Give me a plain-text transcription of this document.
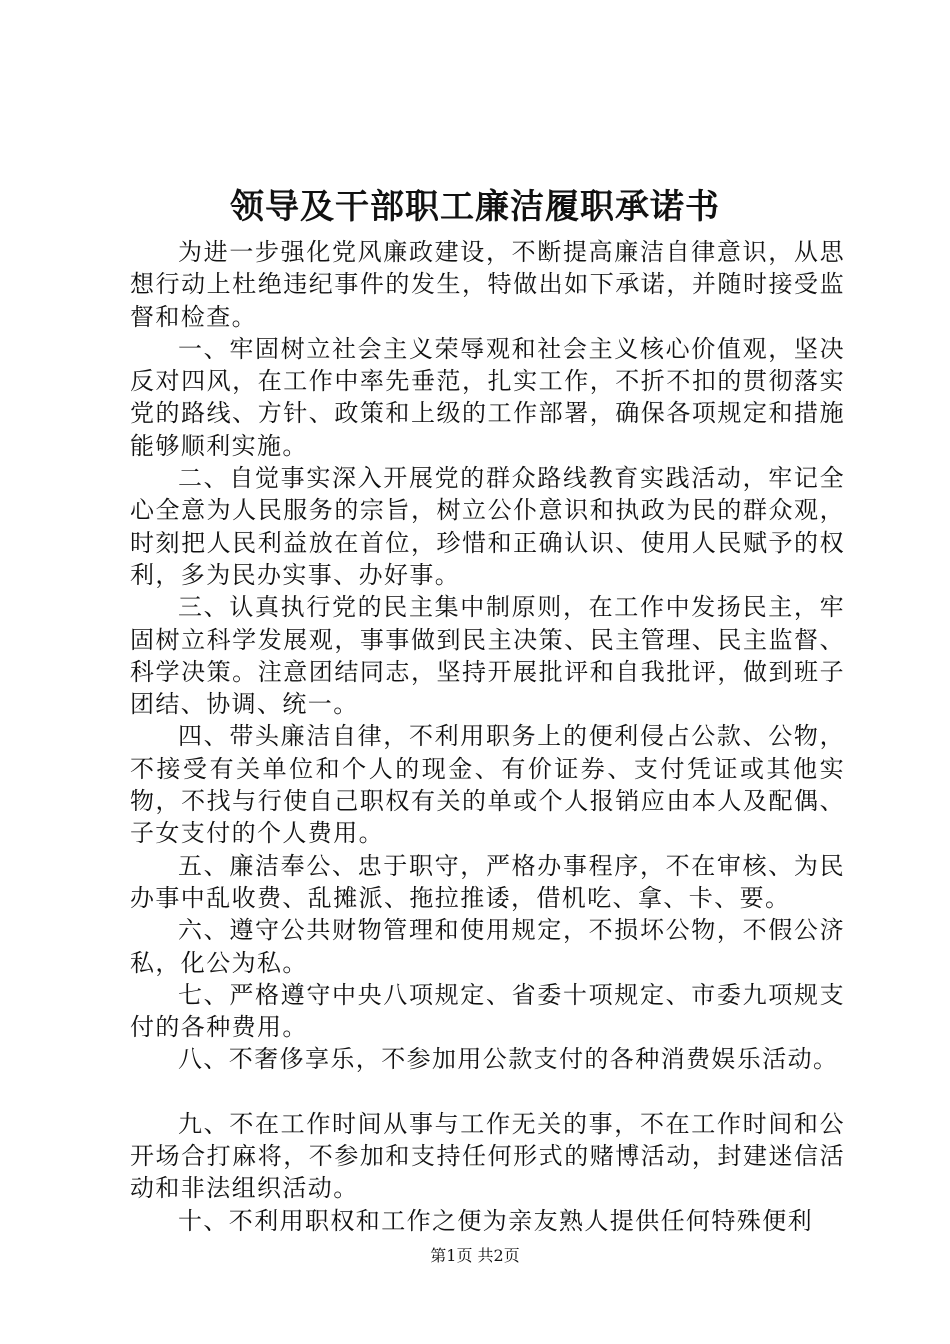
领导及干部职工廉洁履职承诺书

为进一步强化党风廉政建设，不断提高廉洁自律意识，从思想行动上杜绝违纪事件的发生，特做出如下承诺，并随时接受监督和检查。

一、牢固树立社会主义荣辱观和社会主义核心价值观，坚决反对四风，在工作中率先垂范，扎实工作，不折不扣的贯彻落实党的路线、方针、政策和上级的工作部署，确保各项规定和措施能够顺利实施。

二、自觉事实深入开展党的群众路线教育实践活动，牢记全心全意为人民服务的宗旨，树立公仆意识和执政为民的群众观，时刻把人民利益放在首位，珍惜和正确认识、使用人民赋予的权利，多为民办实事、办好事。

三、认真执行党的民主集中制原则，在工作中发扬民主，牢固树立科学发展观，事事做到民主决策、民主管理、民主监督、科学决策。注意团结同志，坚持开展批评和自我批评，做到班子团结、协调、统一。

四、带头廉洁自律，不利用职务上的便利侵占公款、公物，不接受有关单位和个人的现金、有价证券、支付凭证或其他实物，不找与行使自己职权有关的单或个人报销应由本人及配偶、子女支付的个人费用。

五、廉洁奉公、忠于职守，严格办事程序，不在审核、为民办事中乱收费、乱摊派、拖拉推诿，借机吃、拿、卡、要。

六、遵守公共财物管理和使用规定，不损坏公物，不假公济私，化公为私。

七、严格遵守中央八项规定、省委十项规定、市委九项规支付的各种费用。

八、不奢侈享乐，不参加用公款支付的各种消费娱乐活动。

九、不在工作时间从事与工作无关的事，不在工作时间和公开场合打麻将，不参加和支持任何形式的赌博活动，封建迷信活动和非法组织活动。

十、不利用职权和工作之便为亲友熟人提供任何特殊便利

第1页 共2页
